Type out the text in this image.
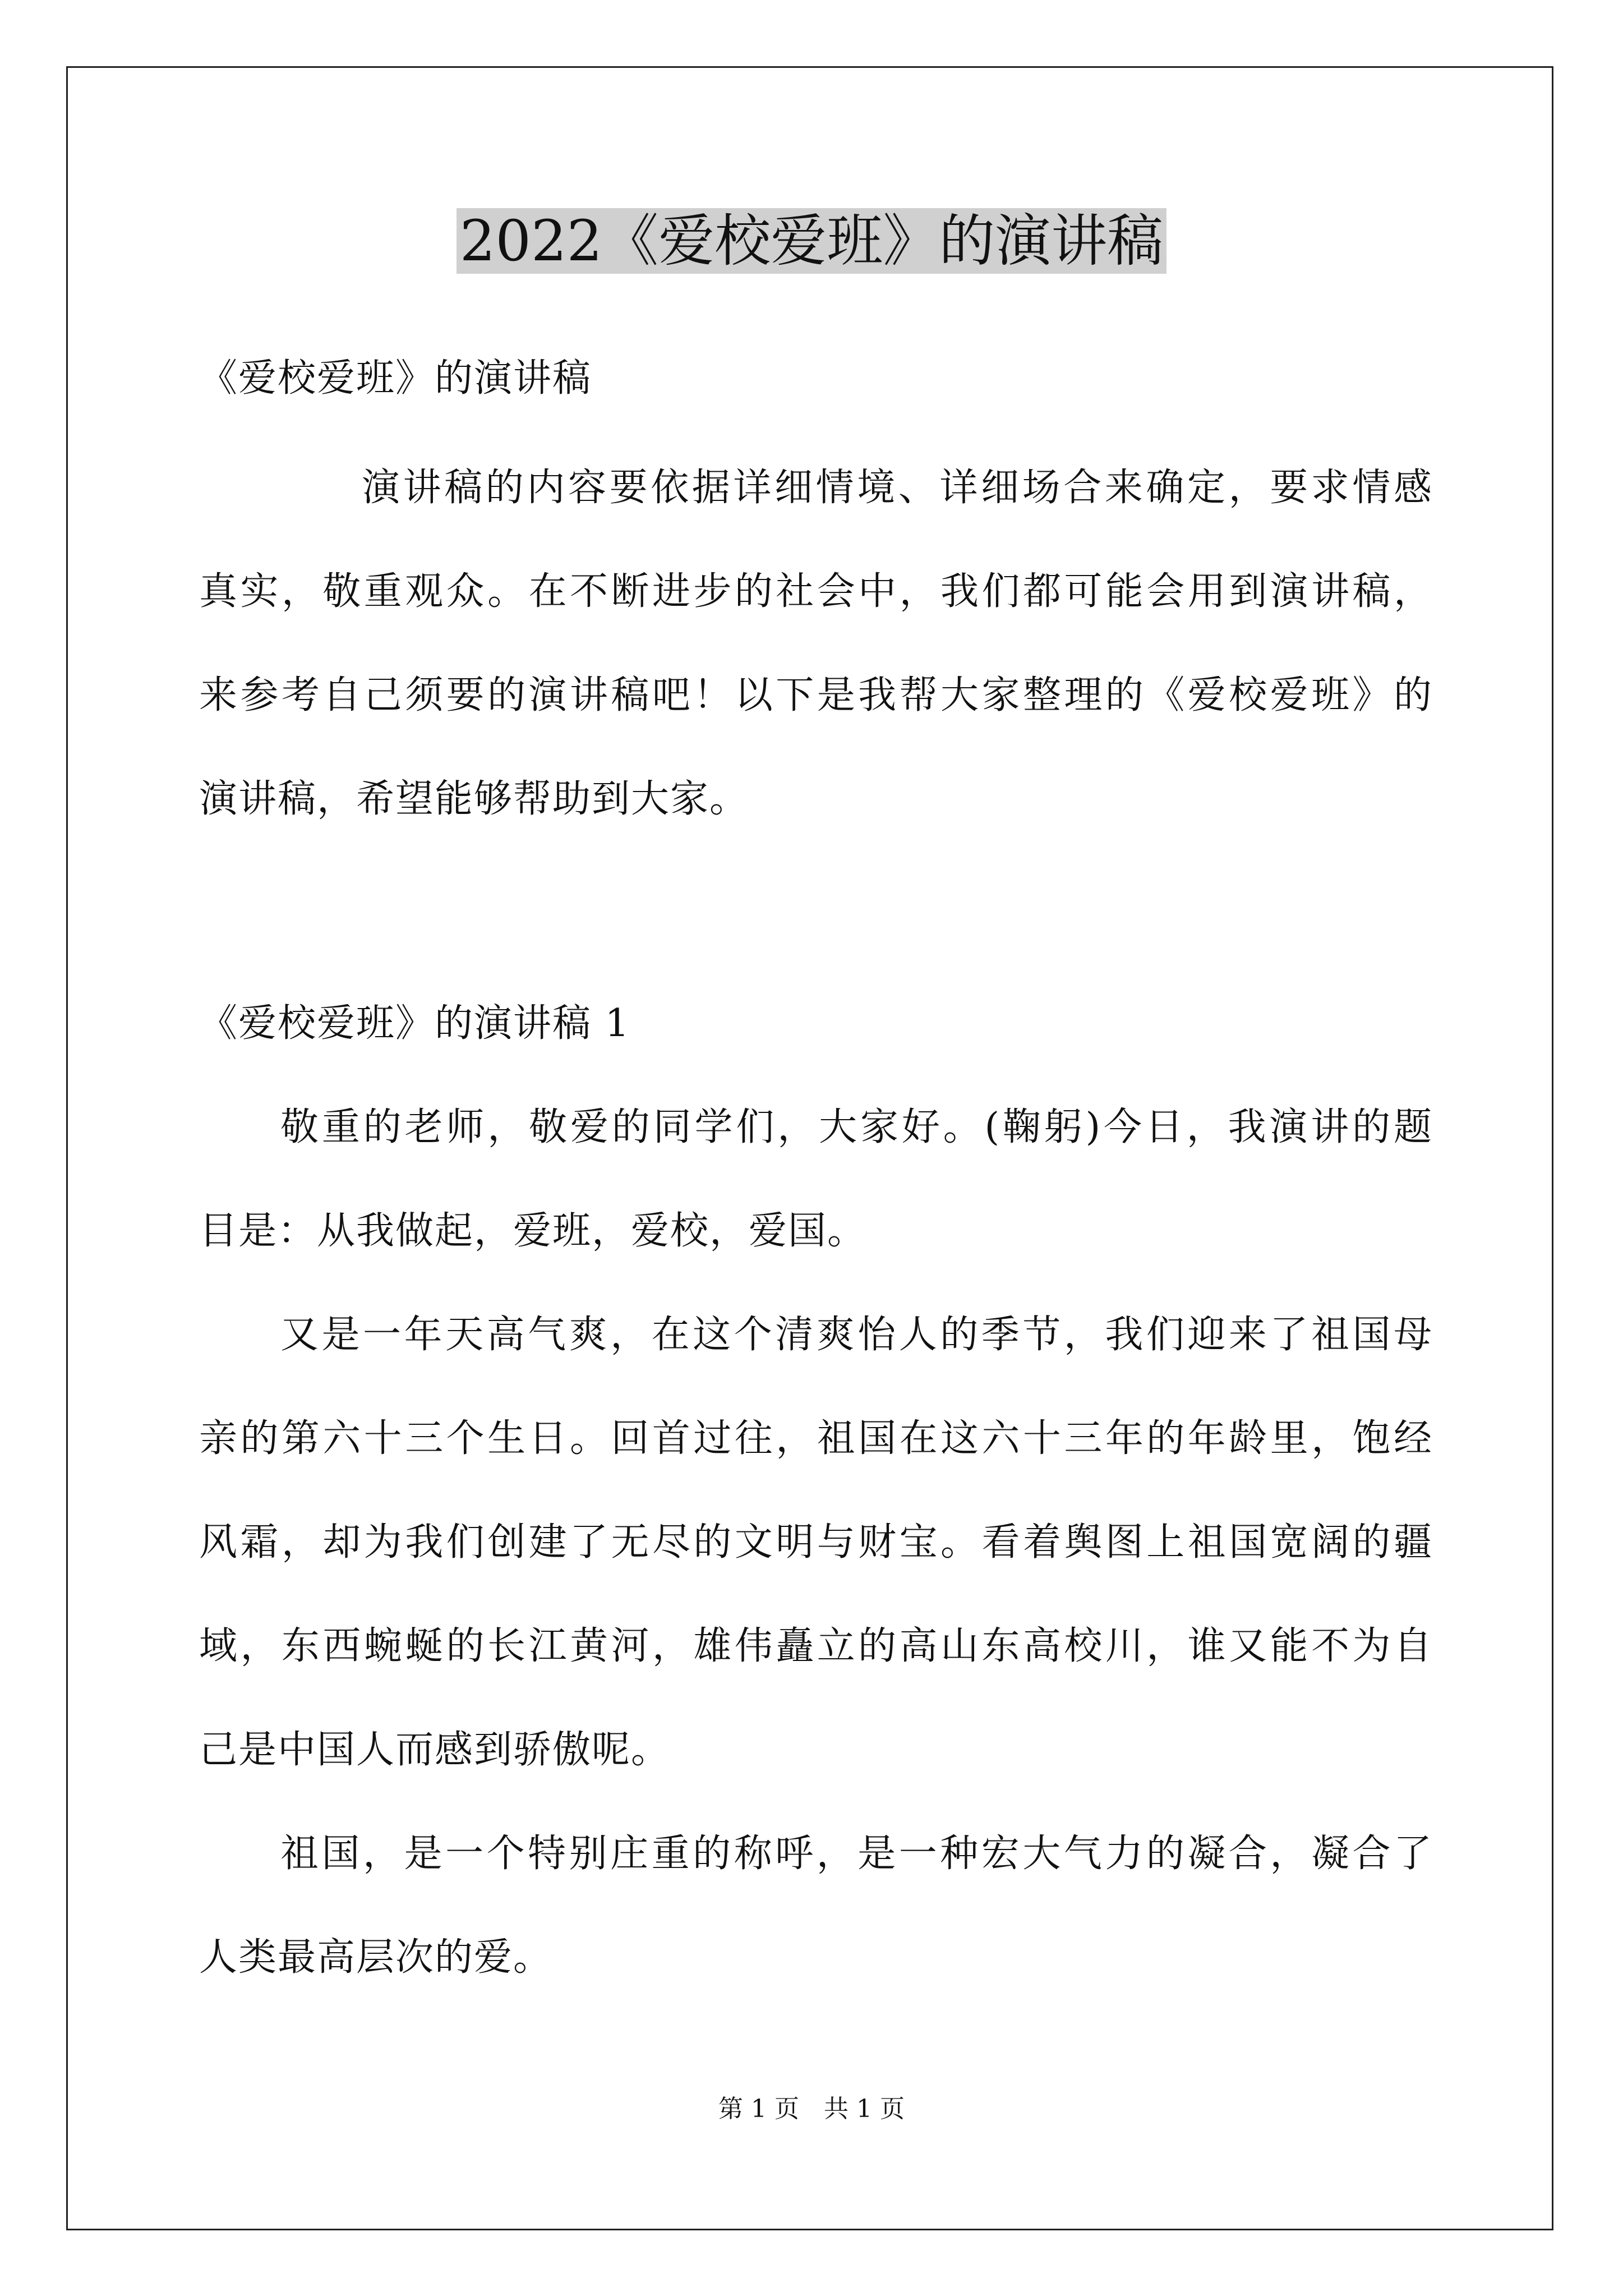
2022《爱校爱班》的演讲稿
《爱校爱班》的演讲稿
演讲稿的内容要依据详细情境、详细场合来确定，要求情感
真实，敬重观众。在不断进步的社会中，我们都可能会用到演讲稿，
来参考自己须要的演讲稿吧！以下是我帮大家整理的《爱校爱班》的
演讲稿，希望能够帮助到大家。
《爱校爱班》的演讲稿 1
敬重的老师，敬爱的同学们，大家好。(鞠躬)今日，我演讲的题
目是：从我做起，爱班，爱校，爱国。
又是一年天高气爽，在这个清爽怡人的季节，我们迎来了祖国母
亲的第六十三个生日。回首过往，祖国在这六十三年的年龄里，饱经
风霜，却为我们创建了无尽的文明与财宝。看着舆图上祖国宽阔的疆
域，东西蜿蜒的长江黄河，雄伟矗立的高山东高校川，谁又能不为自
己是中国人而感到骄傲呢。
祖国，是一个特别庄重的称呼，是一种宏大气力的凝合，凝合了
人类最高层次的爱。
第 1 页　共 1 页
